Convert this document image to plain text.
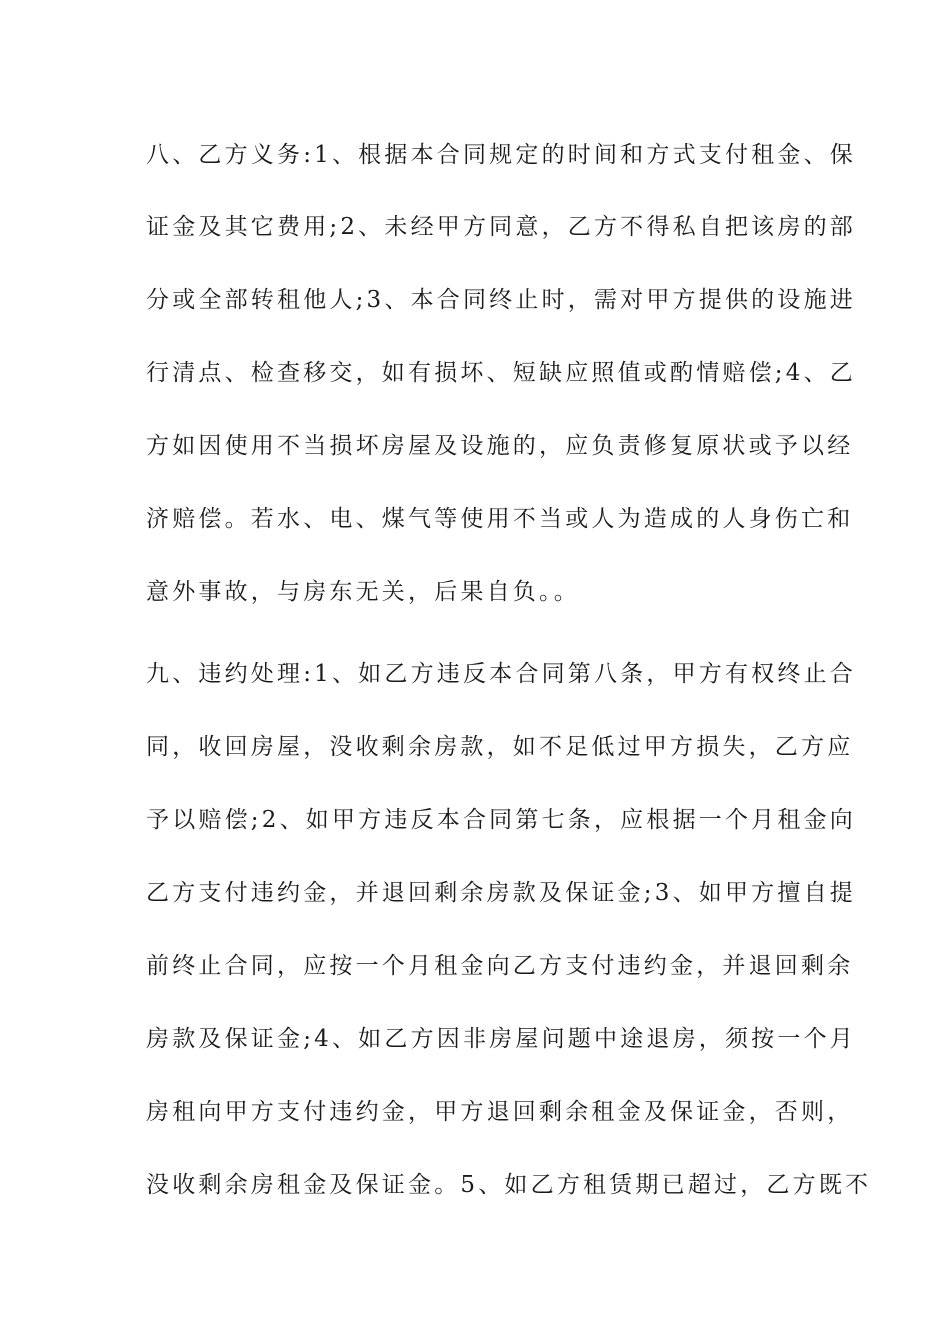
八、乙方义务:1、根据本合同规定的时间和方式支付租金、保
证金及其它费用;2、未经甲方同意，乙方不得私自把该房的部
分或全部转租他人;3、本合同终止时，需对甲方提供的设施进
行清点、检查移交，如有损坏、短缺应照值或酌情赔偿;4、乙
方如因使用不当损坏房屋及设施的，应负责修复原状或予以经
济赔偿。若水、电、煤气等使用不当或人为造成的人身伤亡和
意外事故，与房东无关，后果自负。。
九、违约处理:1、如乙方违反本合同第八条，甲方有权终止合
同，收回房屋，没收剩余房款，如不足低过甲方损失，乙方应
予以赔偿;2、如甲方违反本合同第七条，应根据一个月租金向
乙方支付违约金，并退回剩余房款及保证金;3、如甲方擅自提
前终止合同，应按一个月租金向乙方支付违约金，并退回剩余
房款及保证金;4、如乙方因非房屋问题中途退房，须按一个月
房租向甲方支付违约金，甲方退回剩余租金及保证金，否则，
没收剩余房租金及保证金。5、如乙方租赁期已超过，乙方既不
